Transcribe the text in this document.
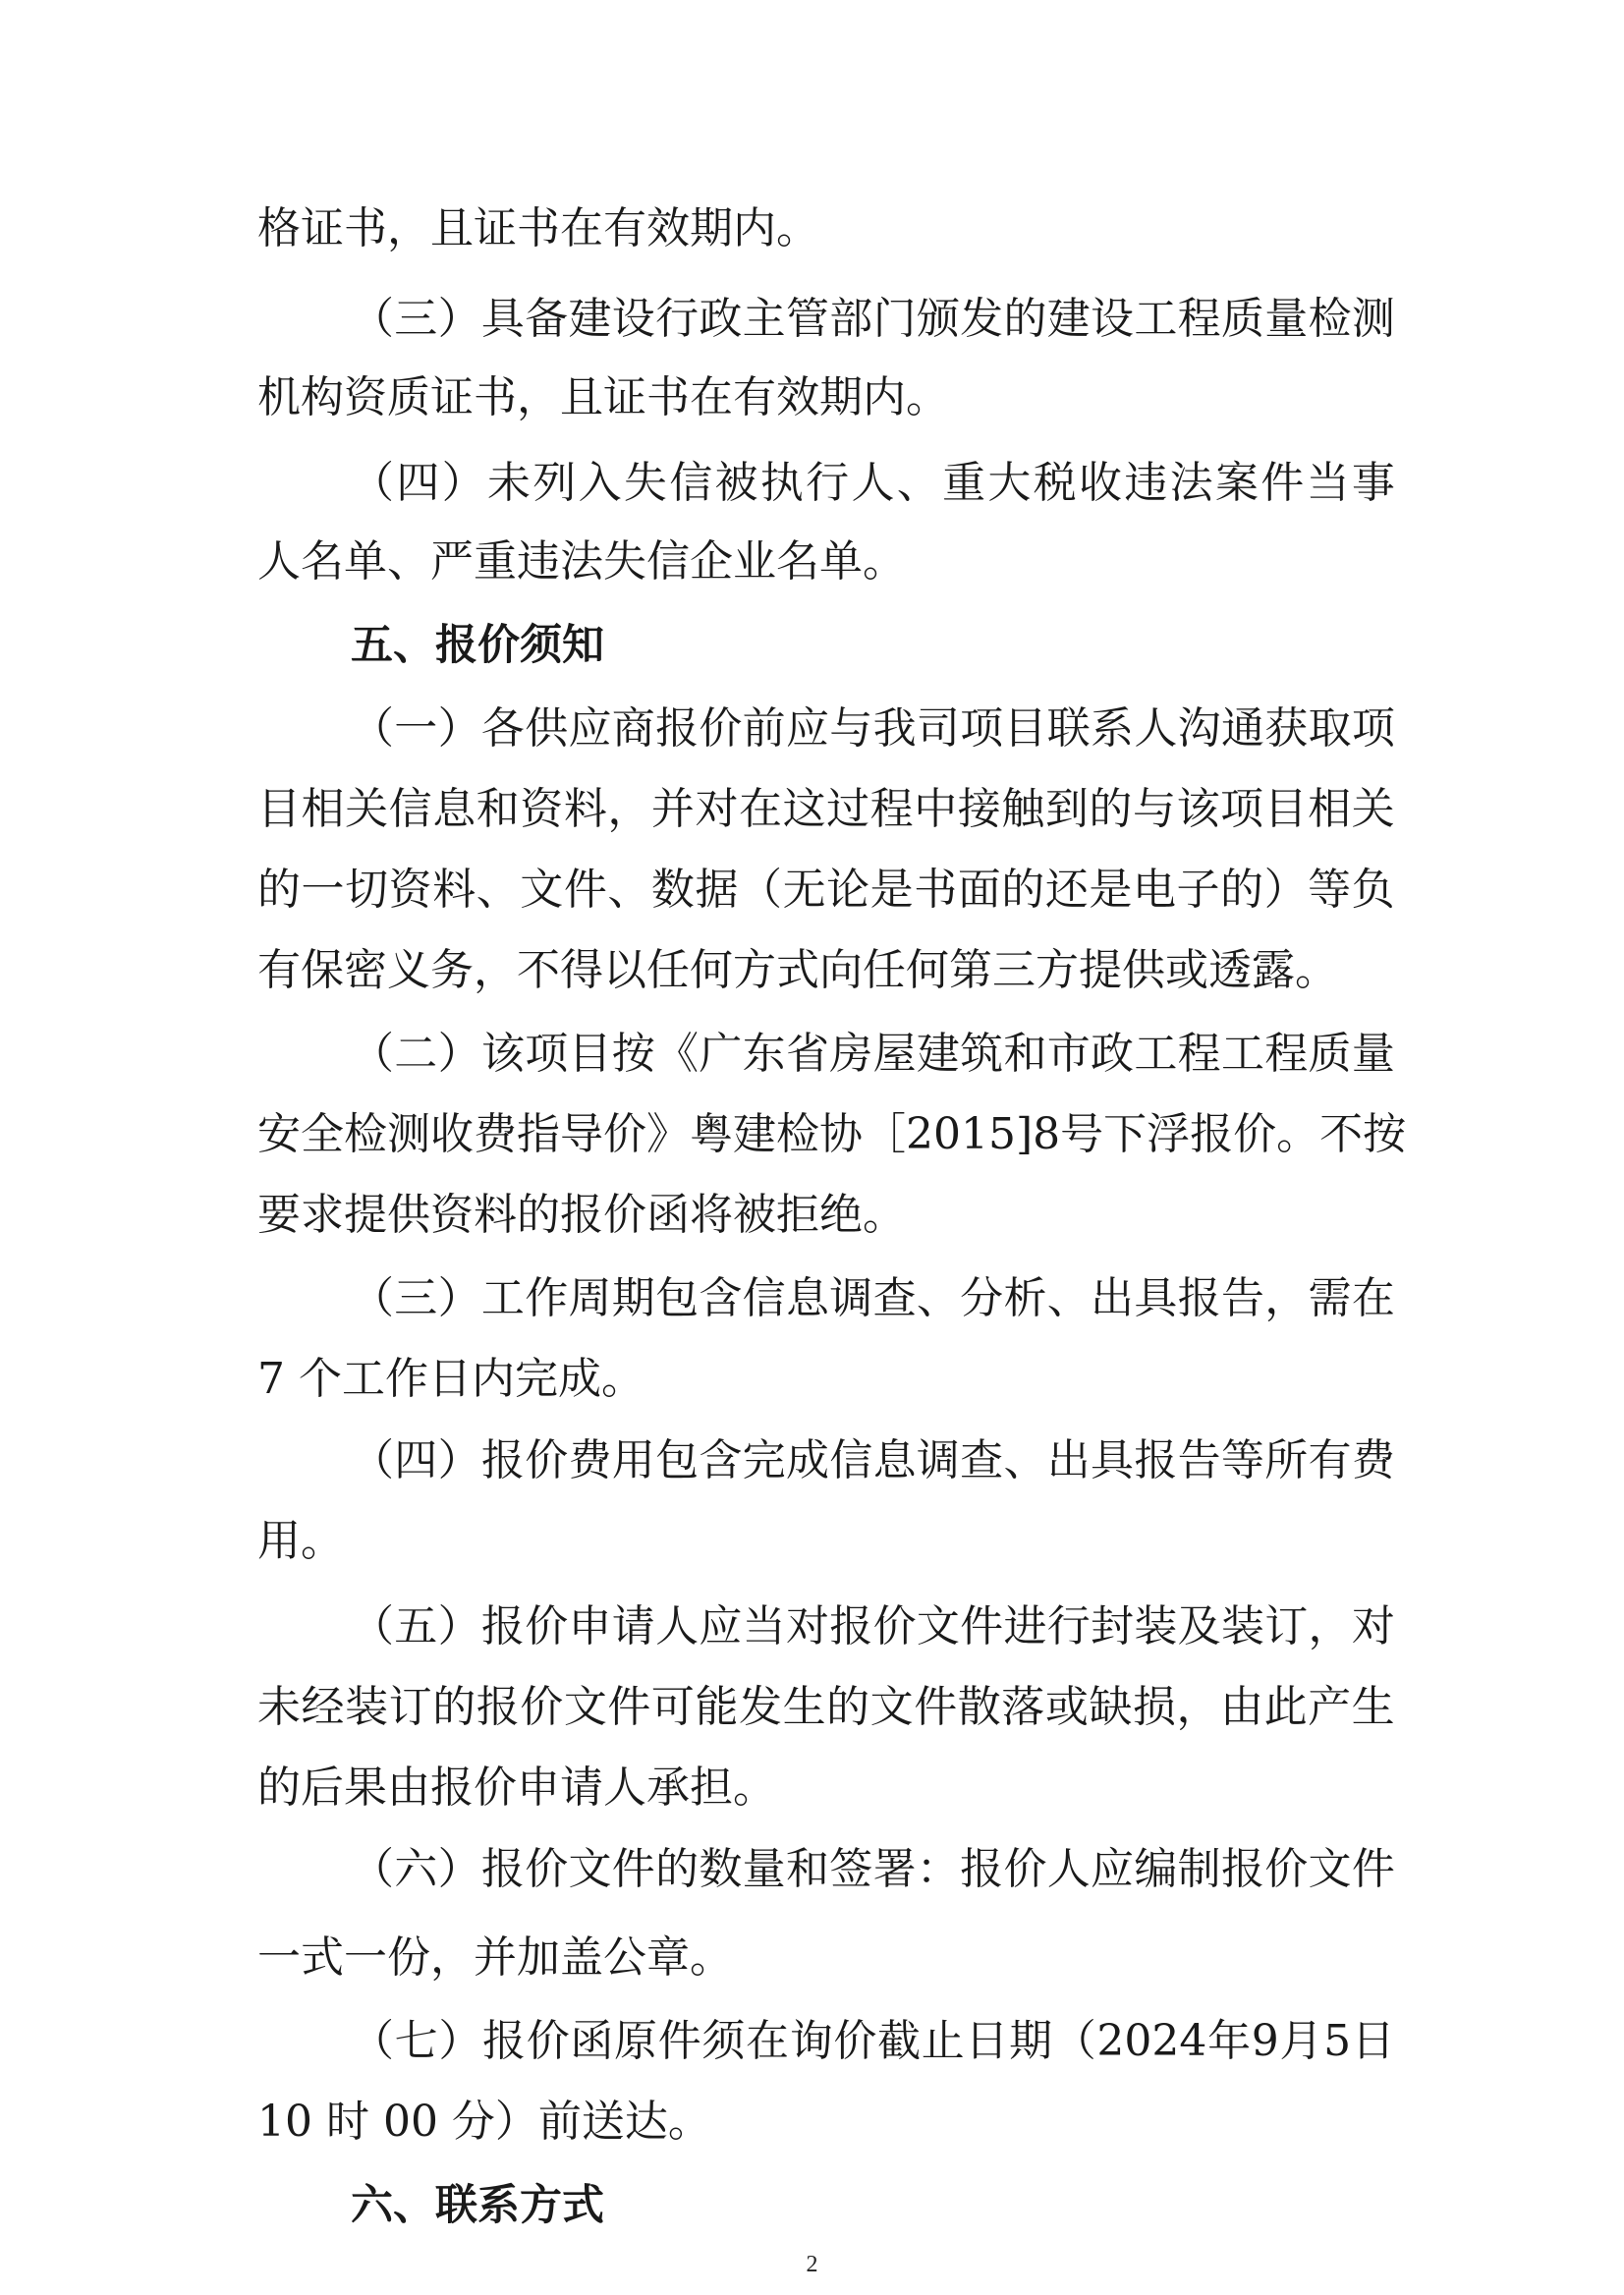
格证书，且证书在有效期内。
（ 三 ） 具 备 建 设 行 政 主 管 部 门 颁 发 的 建 设 工 程 质 量 检 测
机构资质证书，且证书在有效期内。
（ 四 ） 未 列 入 失 信 被 执 行 人 、 重 大 税 收 违 法 案 件 当 事
人名单、严重违法失信企业名单。
五、报价须知
（ 一 ） 各 供 应 商 报 价 前 应 与 我 司 项 目 联 系 人 沟 通 获 取 项
目 相 关 信 息 和 资 料 ， 并 对 在 这 过 程 中 接 触 到 的 与 该 项 目 相 关
的 一 切 资 料 、 文 件 、 数 据 （ 无 论 是 书 面 的 还 是 电 子 的 ） 等 负
有保密义务，不得以任何方式向任何第三方提供或透露。
（ 二 ） 该 项 目 按 《 广 东 省 房 屋 建 筑 和 市 政 工 程 工 程 质 量
安 全 检 测 收 费 指 导 价 》 粤 建 检 协 ［ 2015]8 号 下 浮 报 价 。 不 按
要求提供资料的报价函将被拒绝。
（ 三 ） 工 作 周 期 包 含 信 息 调 查 、 分 析 、 出 具 报 告 ， 需 在
7 个工作日内完成。
（ 四 ） 报 价 费 用 包 含 完 成 信 息 调 查 、 出 具 报 告 等 所 有 费
用。
（ 五 ） 报 价 申 请 人 应 当 对 报 价 文 件 进 行 封 装 及 装 订 ， 对
未 经 装 订 的 报 价 文 件 可 能 发 生 的 文 件 散 落 或 缺 损 ， 由 此 产 生
的后果由报价申请人承担。
（ 六 ） 报 价 文 件 的 数 量 和 签 署 ： 报 价 人 应 编 制 报 价 文 件
一式一份，并加盖公章。
（ 七 ） 报 价 函 原 件 须 在 询 价 截 止 日 期 （ 2024 年 9 月 5 日
10 时 00 分）前送达。
六、联系方式
2
